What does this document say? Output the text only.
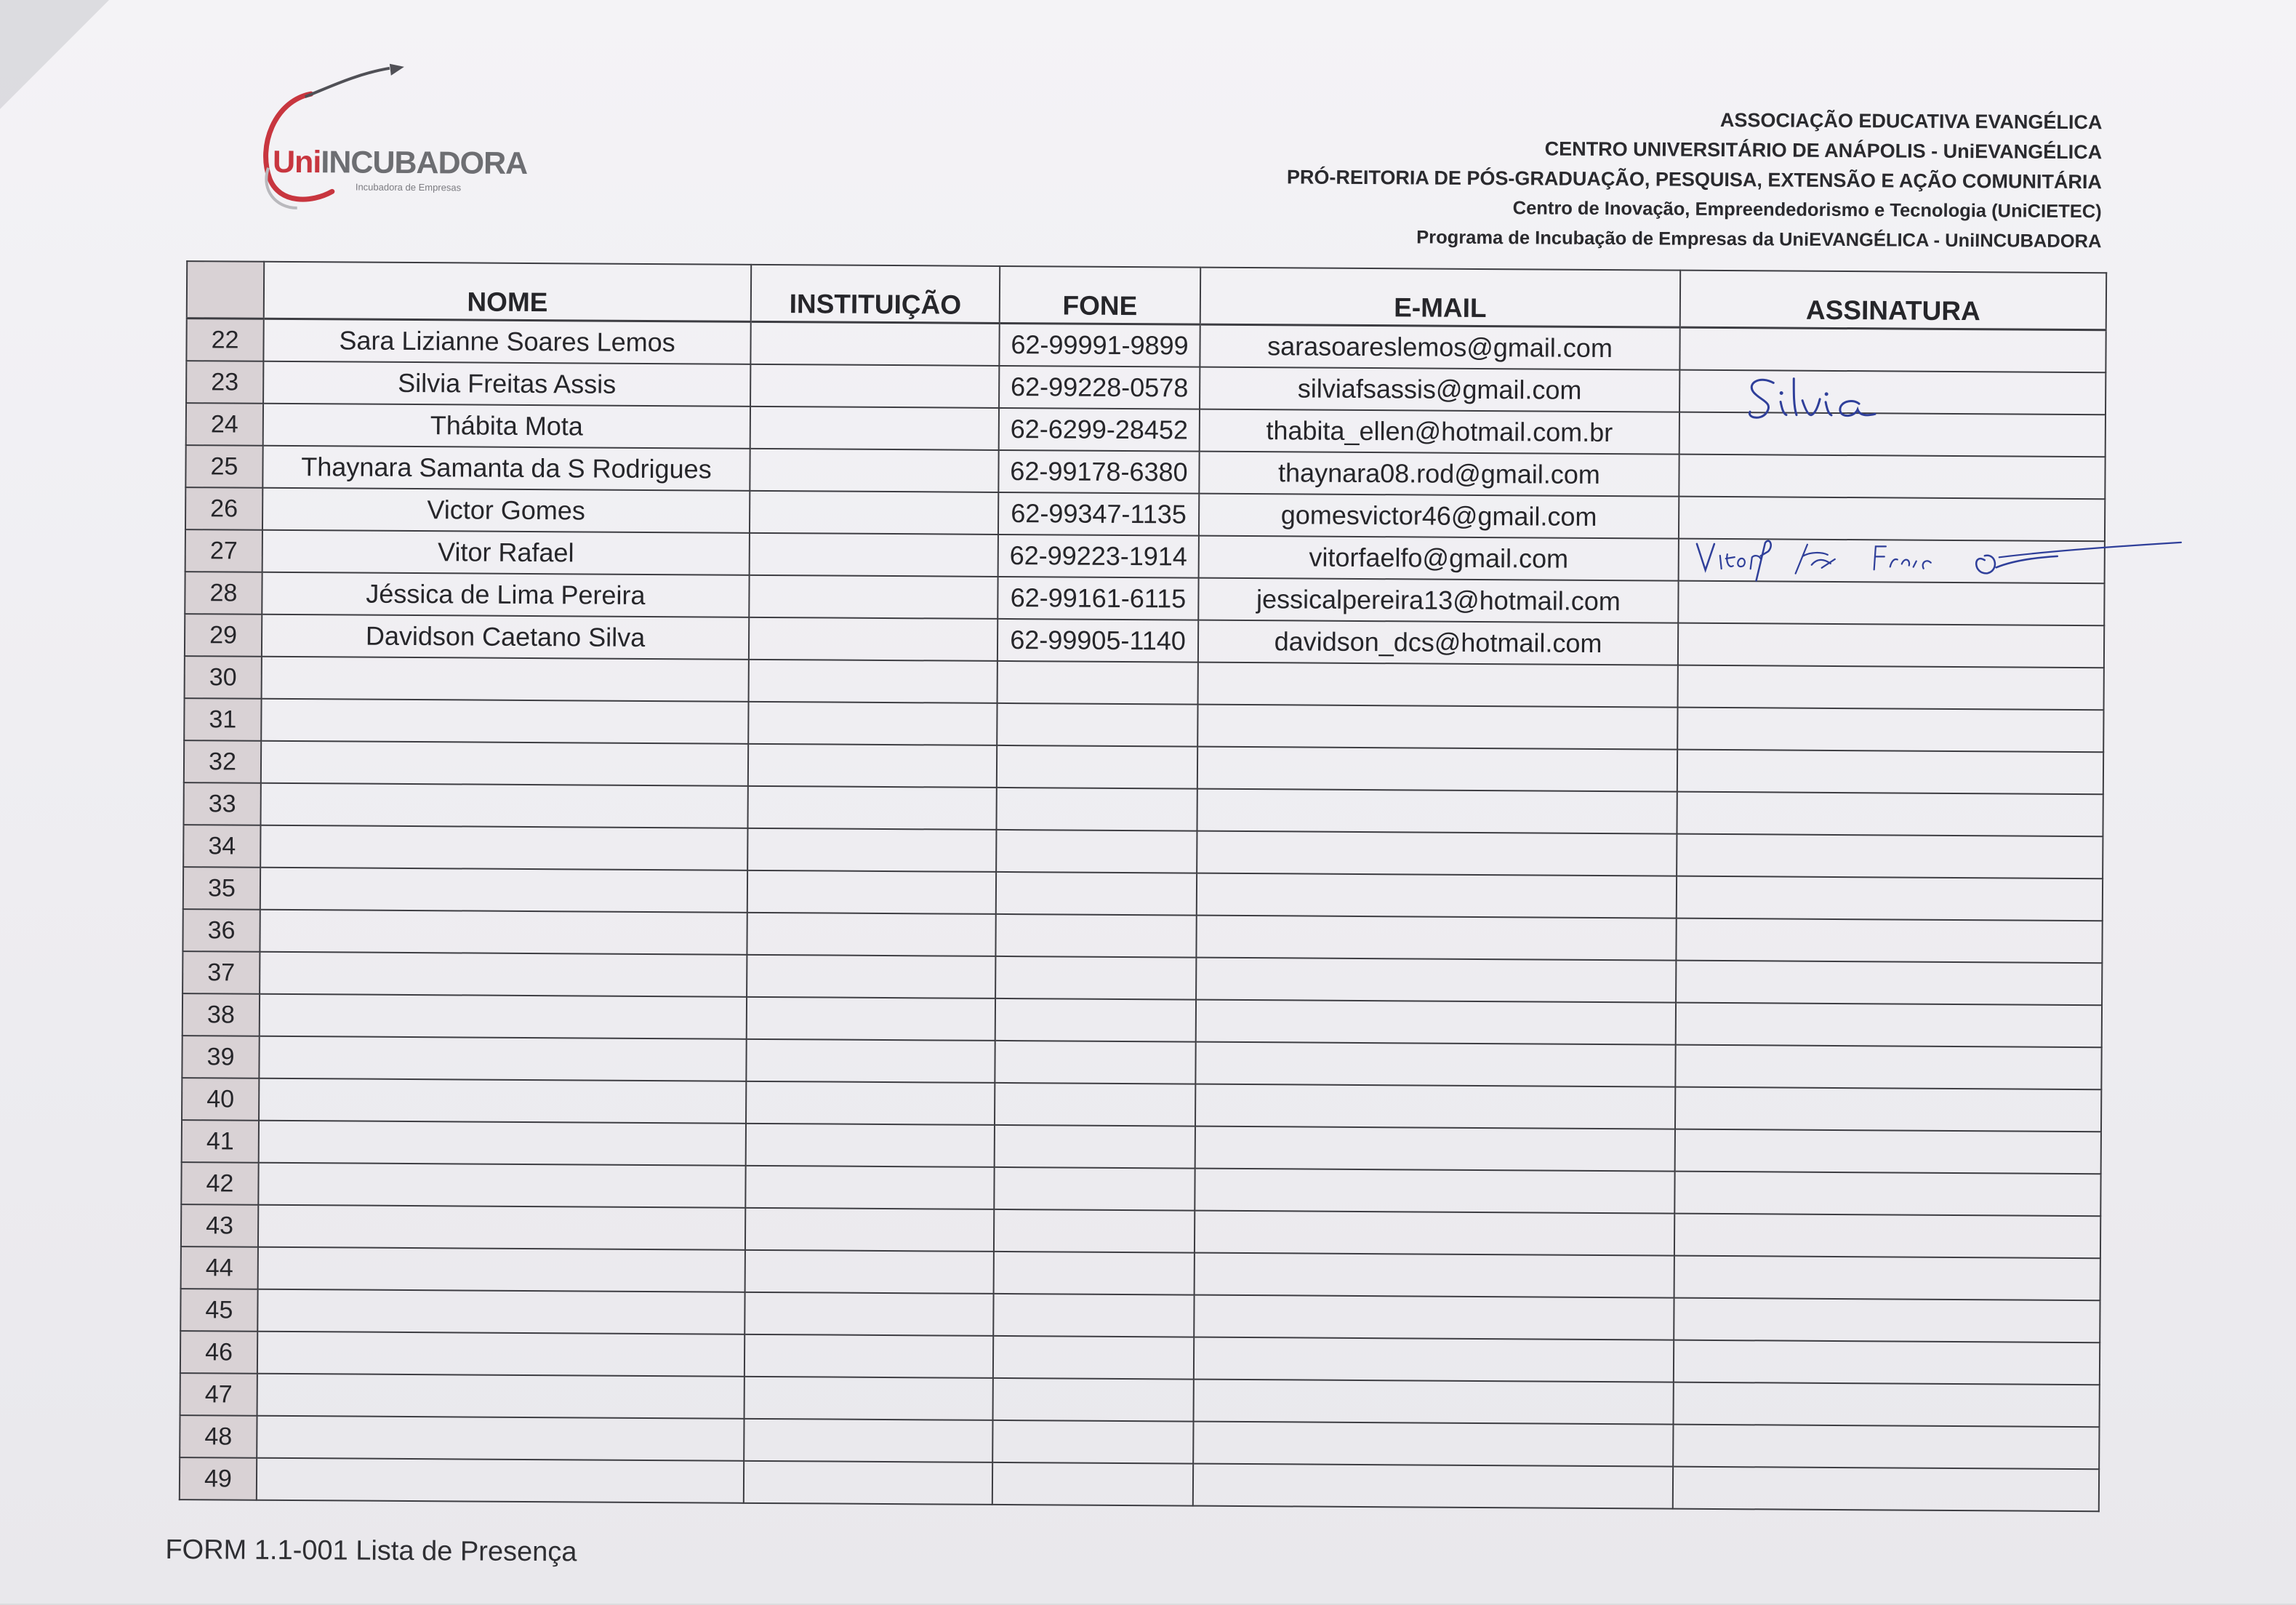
UniINCUBADORA
Incubadora de Empresas
ASSOCIAÇÃO EDUCATIVA EVANGÉLICA
CENTRO UNIVERSITÁRIO DE ANÁPOLIS - UniEVANGÉLICA
PRÓ-REITORIA DE PÓS-GRADUAÇÃO, PESQUISA, EXTENSÃO E AÇÃO COMUNITÁRIA
Centro de Inovação, Empreendedorismo e Tecnologia (UniCIETEC)
Programa de Incubação de Empresas da UniEVANGÉLICA - UniINCUBADORA
	NOME	INSTITUIÇÃO	FONE	E-MAIL	ASSINATURA
22	Sara Lizianne Soares Lemos		62-99991-9899	sarasoareslemos@gmail.com	
23	Silvia Freitas Assis		62-99228-0578	silviafsassis@gmail.com	

24	Thábita Mota		62-6299-28452	thabita_ellen@hotmail.com.br	
25	Thaynara Samanta da S Rodrigues		62-99178-6380	thaynara08.rod@gmail.com	
26	Victor Gomes		62-99347-1135	gomesvictor46@gmail.com	
27	Vitor Rafael		62-99223-1914	vitorfaelfo@gmail.com	

28	Jéssica de Lima Pereira		62-99161-6115	jessicalpereira13@hotmail.com	
29	Davidson Caetano Silva		62-99905-1140	davidson_dcs@hotmail.com	
30					
31					
32					
33					
34					
35					
36					
37					
38					
39					
40					
41					
42					
43					
44					
45					
46					
47					
48					
49					
FORM 1.1-001 Lista de Presença
